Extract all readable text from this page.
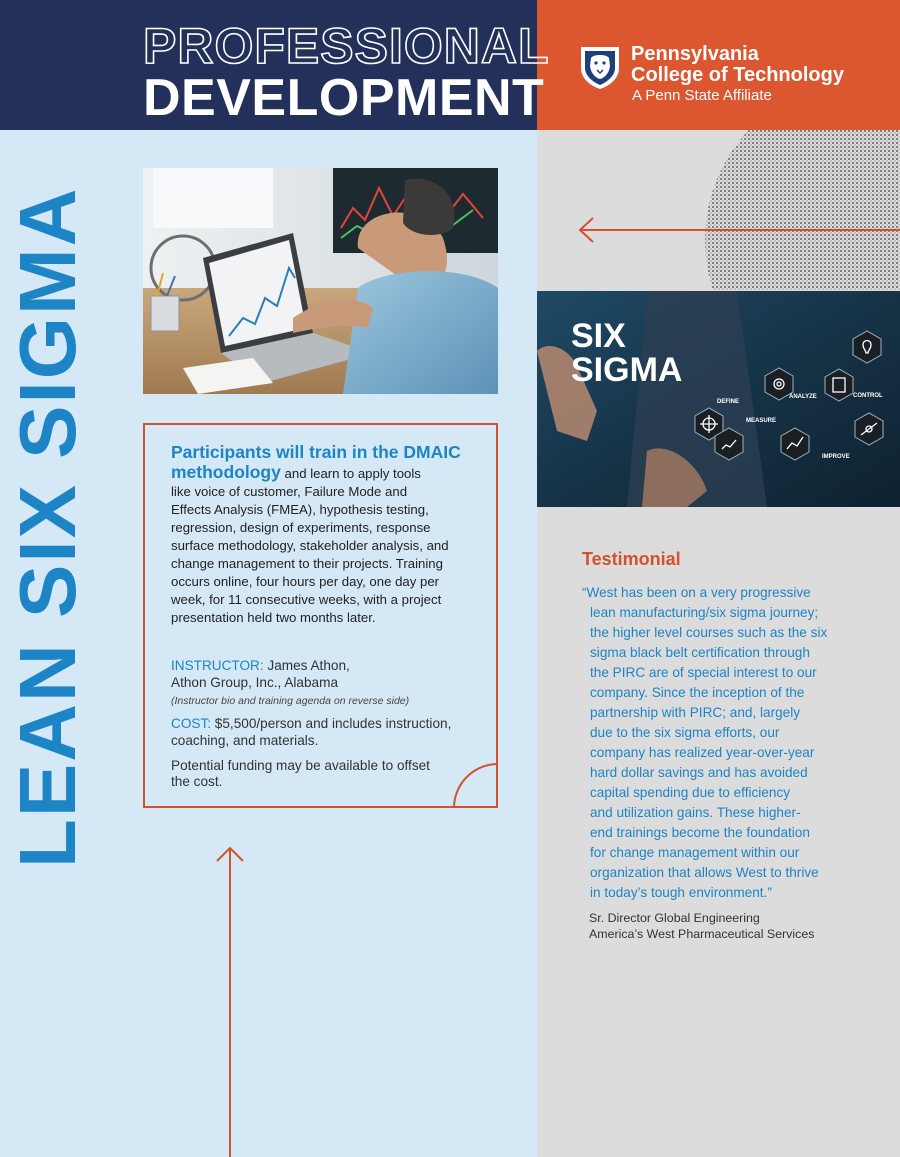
PROFESSIONAL
DEVELOPMENT
Pennsylvania
College of Technology
A Penn State Affiliate
LEAN SIX SIGMA	Participants will train in the DMAIC
methodology and learn to apply tools
like voice of customer, Failure Mode and
Effects Analysis (FMEA), hypothesis testing,
regression, design of experiments, response
surface methodology, stakeholder analysis, and
change management to their projects. Training
occurs online, four hours per day, one day per
week, for 11 consecutive weeks, with a project
presentation held two months later.
INSTRUCTOR: James Athon,
Athon Group, Inc., Alabama
(Instructor bio and training agenda on reverse side)
COST: $5,500/person and includes instruction,
coaching, and materials.
Potential funding may be available to offset
the cost.
SIX
SIGMA
DEFINE
MEASURE
ANALYZE	CONTROL
IMPROVE
Testimonial
“West has been on a very progressive
lean manufacturing/six sigma journey;
the higher level courses such as the six
sigma black belt certification through
the PIRC are of special interest to our
company. Since the inception of the
partnership with PIRC; and, largely
due to the six sigma efforts, our
company has realized year-over-year
hard dollar savings and has avoided
capital spending due to efficiency
and utilization gains. These higher-
end trainings become the foundation
for change management within our
organization that allows West to thrive
in today’s tough environment.”
Sr. Director Global Engineering
America’s West Pharmaceutical Services
